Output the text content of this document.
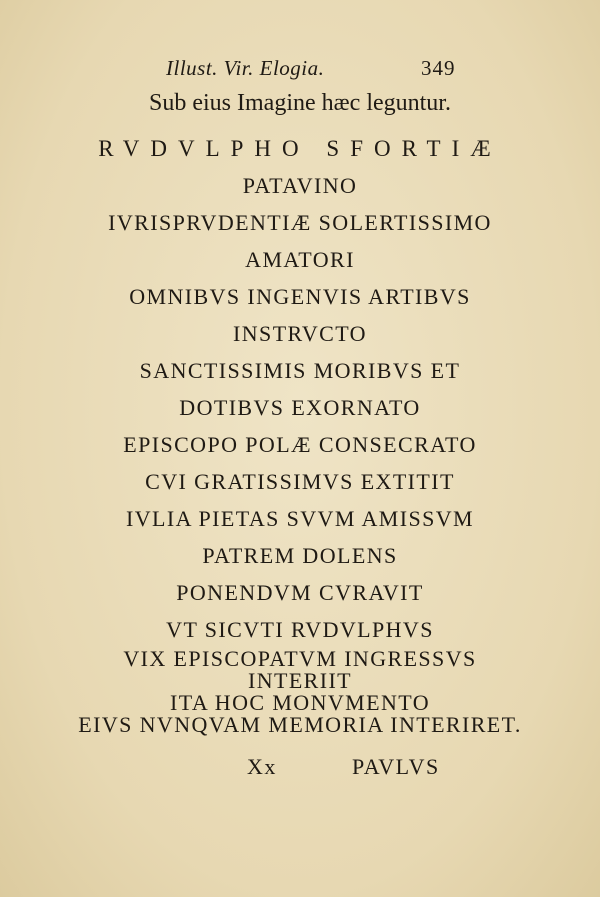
Illust. Vir. Elogia.	349
Sub eius Imagine hæc leguntur.
RVDVLPHO SFORTIÆ
PATAVINO
IVRISPRVDENTIÆ SOLERTISSIMO
AMATORI
OMNIBVS INGENVIS ARTIBVS
INSTRVCTO
SANCTISSIMIS MORIBVS ET
DOTIBVS EXORNATO
EPISCOPO POLÆ CONSECRATO
CVI GRATISSIMVS EXTITIT
IVLIA PIETAS SVVM AMISSVM
PATREM DOLENS
PONENDVM CVRAVIT
VT SICVTI RVDVLPHVS
VIX EPISCOPATVM INGRESSVS
INTERIIT
ITA HOC MONVMENTO
EIVS NVNQVAM MEMORIA INTERIRET.
Xx	PAVLVS
